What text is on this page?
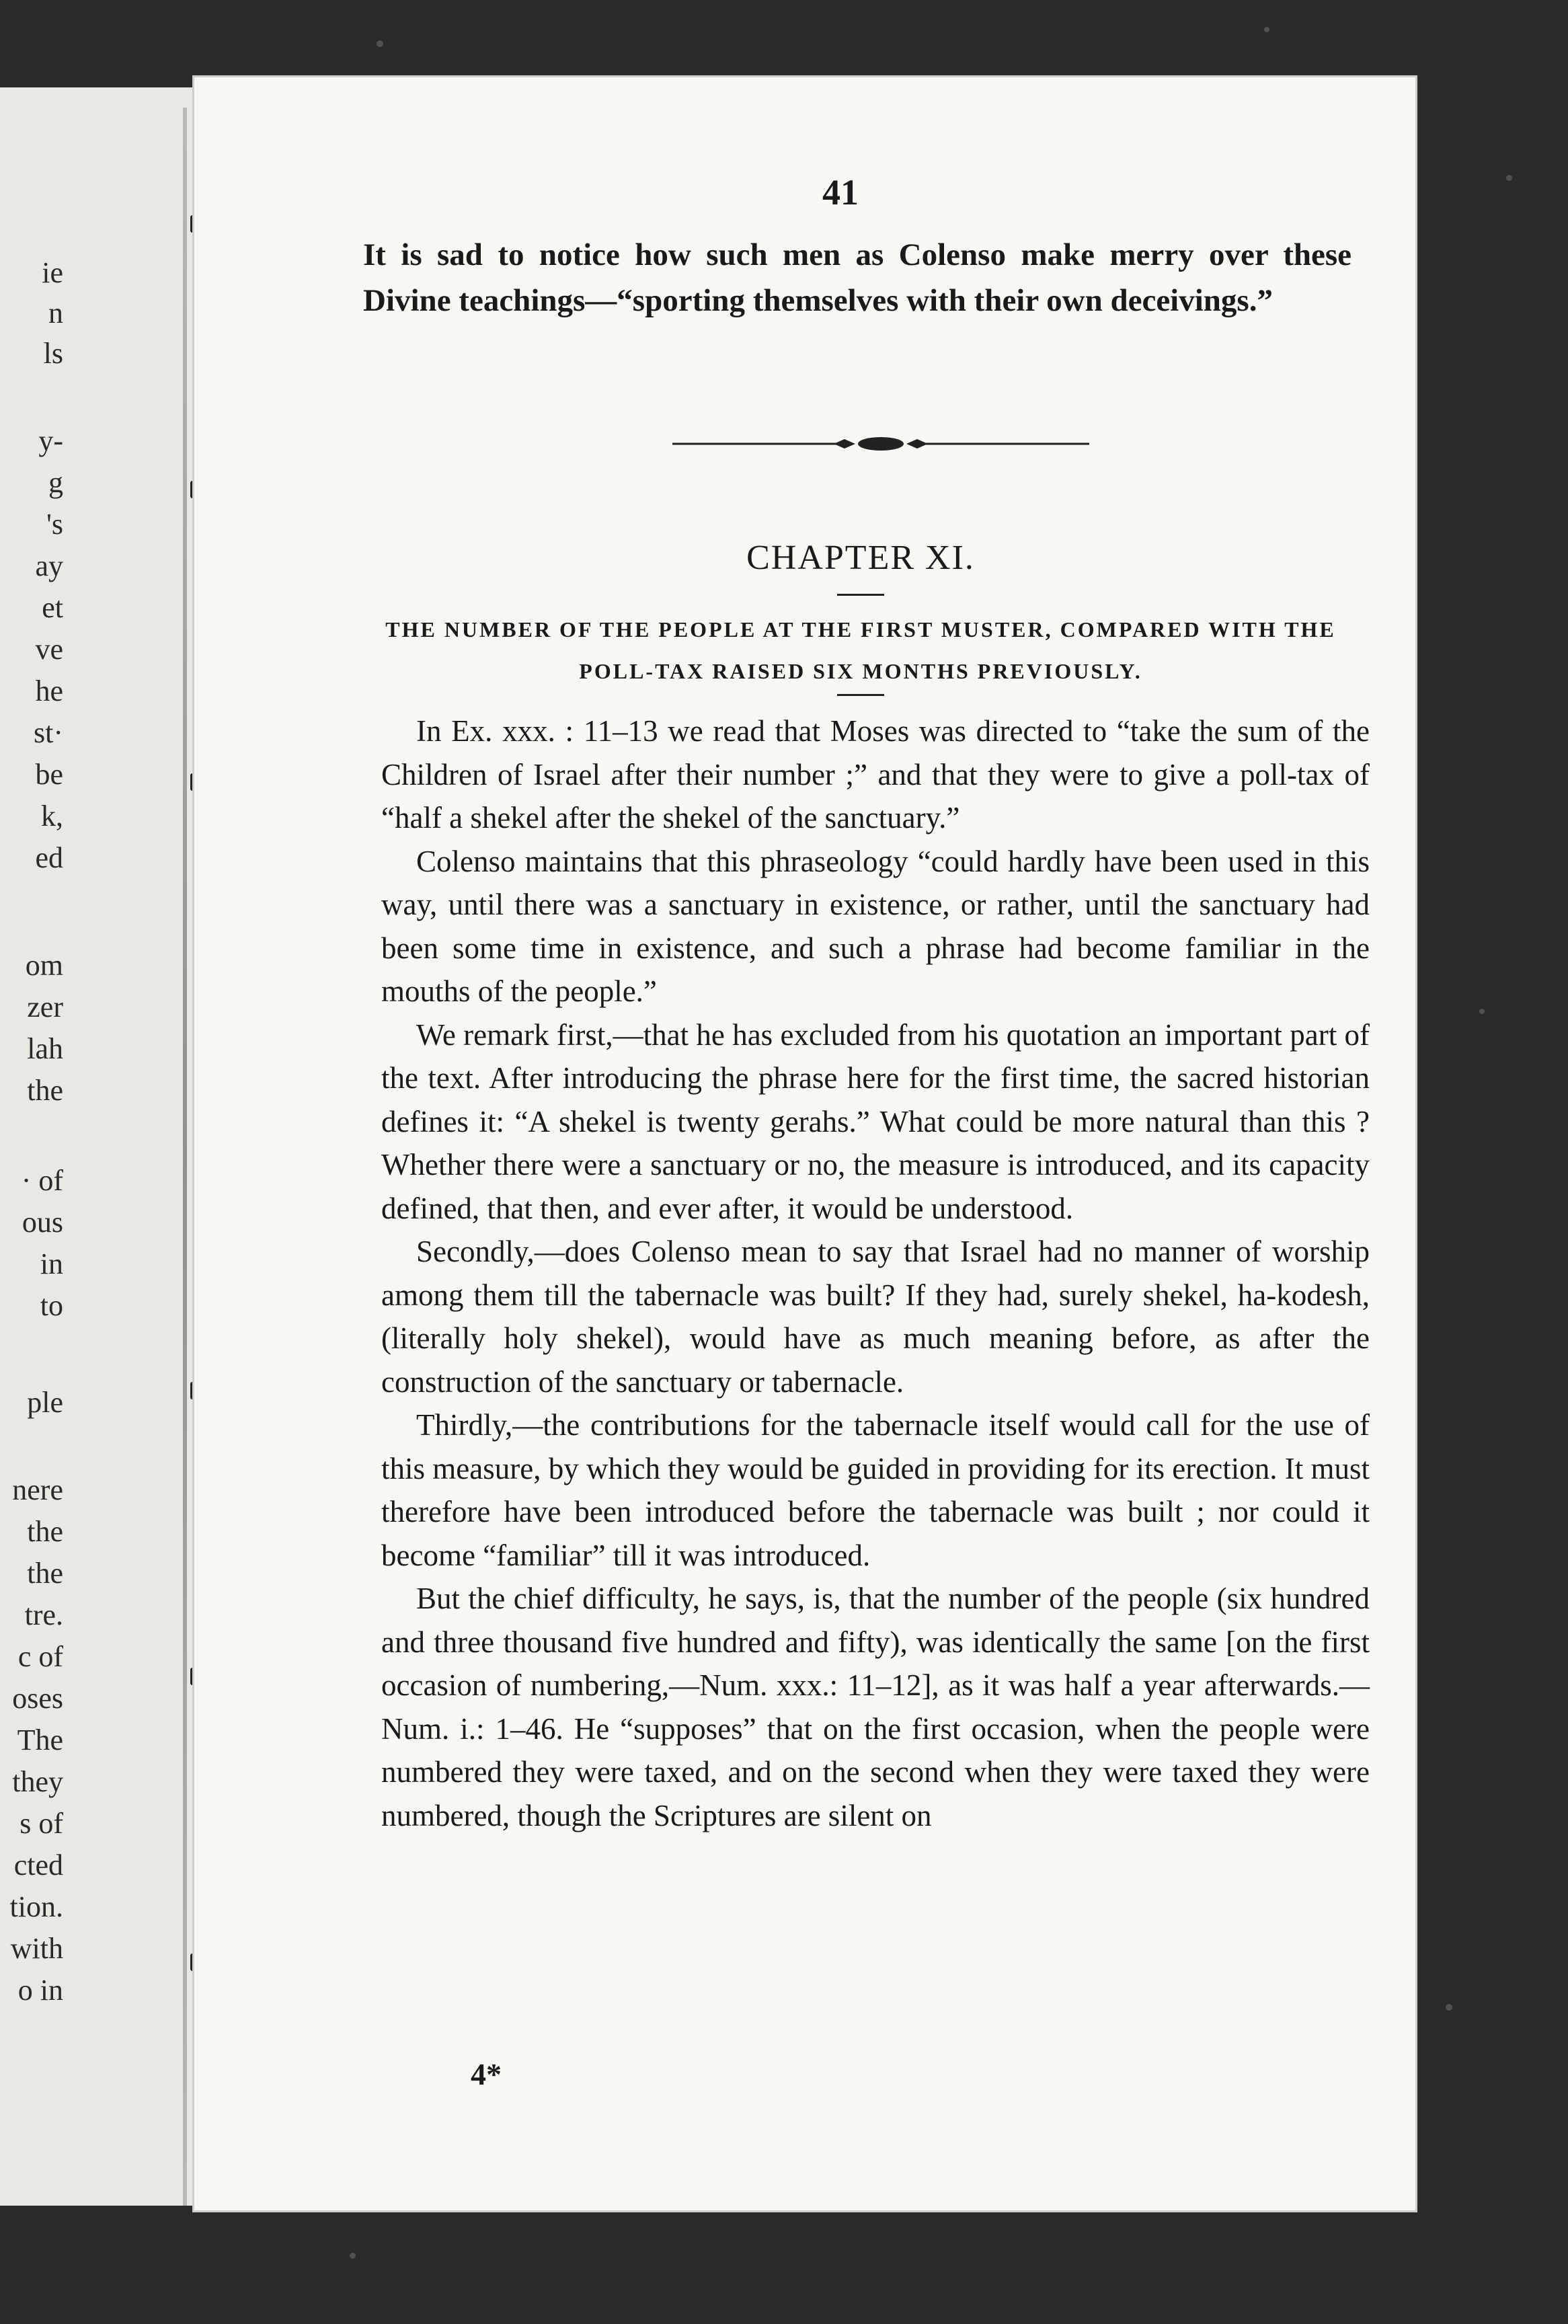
ie
n
ls
y-
g
's
ay
et
ve
he
st·
be
k,
ed
om
zer
lah
the
· of
ous
in
to
ple
nere
the
the
tre.
c of
oses
The
they
s of
cted
tion.
with
o in
41
It is sad to notice how such men as Colenso make merry over these Divine teachings—“sporting themselves with their own deceivings.”
CHAPTER XI.
THE NUMBER OF THE PEOPLE AT THE FIRST MUSTER, COMPARED WITH THE POLL-TAX RAISED SIX MONTHS PREVIOUSLY.

In Ex. xxx. : 11–13 we read that Moses was directed to “take the sum of the Children of Israel after their number ;” and that they were to give a poll-tax of “half a shekel after the shekel of the sanctuary.”

Colenso maintains that this phraseology “could hardly have been used in this way, until there was a sanctuary in existence, or rather, until the sanctuary had been some time in existence, and such a phrase had become familiar in the mouths of the people.”

We remark first,—that he has excluded from his quotation an important part of the text. After introducing the phrase here for the first time, the sacred historian defines it: “A shekel is twenty gerahs.” What could be more natural than this ? Whether there were a sanctuary or no, the measure is introduced, and its capacity defined, that then, and ever after, it would be understood.

Secondly,—does Colenso mean to say that Israel had no manner of worship among them till the tabernacle was built? If they had, surely shekel, ha-kodesh, (literally holy shekel), would have as much meaning before, as after the construction of the sanctuary or tabernacle.

Thirdly,—the contributions for the tabernacle itself would call for the use of this measure, by which they would be guided in providing for its erection. It must therefore have been introduced before the tabernacle was built ; nor could it become “familiar” till it was introduced.

But the chief difficulty, he says, is, that the number of the people (six hundred and three thousand five hundred and fifty), was identically the same [on the first occasion of numbering,—Num. xxx.: 11–12], as it was half a year afterwards.—Num. i.: 1–46. He “supposes” that on the first occasion, when the people were numbered they were taxed, and on the second when they were taxed they were numbered, though the Scriptures are silent on

4*
